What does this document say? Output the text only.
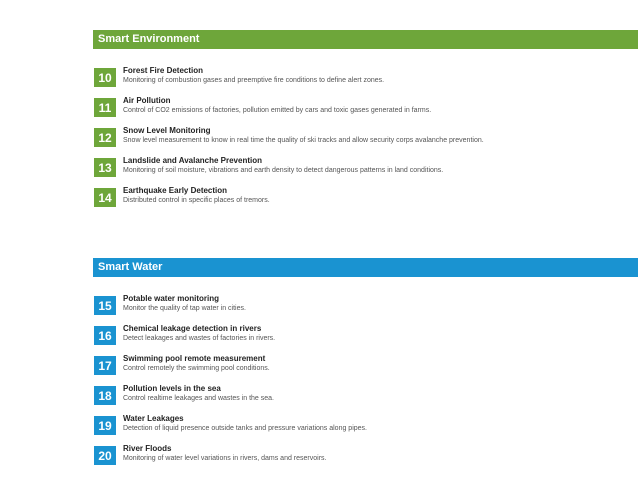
Smart Environment
10	Forest Fire Detection
Monitoring of combustion gases and preemptive fire conditions to define alert zones.
11	Air Pollution
Control of CO2 emissions of factories, pollution emitted by cars and toxic gases generated in farms.
12	Snow Level Monitoring
Snow level measurement to know in real time the quality of ski tracks and allow security corps avalanche prevention.
13	Landslide and Avalanche Prevention
Monitoring of soil moisture, vibrations and earth density to detect dangerous patterns in land conditions.
14	Earthquake Early Detection
Distributed control in specific places of tremors.
Smart Water
15	Potable water monitoring
Monitor the quality of tap water in cities.
16	Chemical leakage detection in rivers
Detect leakages and wastes of factories in rivers.
17	Swimming pool remote measurement
Control remotely the swimming pool conditions.
18	Pollution levels in the sea
Control realtime leakages and wastes in the sea.
19	Water Leakages
Detection of liquid presence outside tanks and pressure variations along pipes.
20	River Floods
Monitoring of water level variations in rivers, dams and reservoirs.
